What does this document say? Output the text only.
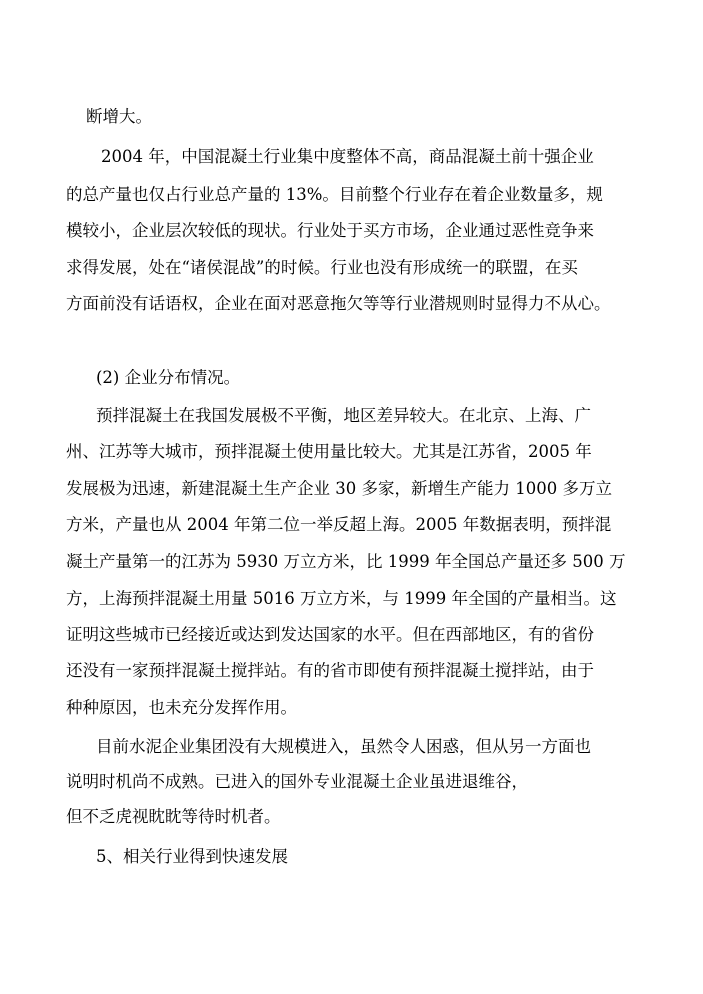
断增大。
2004 年，中国混凝土行业集中度整体不高，商品混凝土前十强企业
的总产量也仅占行业总产量的 13%。目前整个行业存在着企业数量多，规
模较小，企业层次较低的现状。行业处于买方市场，企业通过恶性竞争来
求得发展，处在“诸侯混战”的时候。行业也没有形成统一的联盟，在买
方面前没有话语权，企业在面对恶意拖欠等等行业潜规则时显得力不从心。
(2) 企业分布情况。
预拌混凝土在我国发展极不平衡，地区差异较大。在北京、上海、广
州、江苏等大城市，预拌混凝土使用量比较大。尤其是江苏省，2005 年
发展极为迅速，新建混凝土生产企业 30 多家，新增生产能力 1000 多万立
方米，产量也从 2004 年第二位一举反超上海。2005 年数据表明，预拌混
凝土产量第一的江苏为 5930 万立方米，比 1999 年全国总产量还多 500 万
方，上海预拌混凝土用量 5016 万立方米，与 1999 年全国的产量相当。这
证明这些城市已经接近或达到发达国家的水平。但在西部地区，有的省份
还没有一家预拌混凝土搅拌站。有的省市即使有预拌混凝土搅拌站，由于
种种原因，也未充分发挥作用。
目前水泥企业集团没有大规模进入，虽然令人困惑，但从另一方面也
说明时机尚不成熟。已进入的国外专业混凝土企业虽进退维谷，
但不乏虎视眈眈等待时机者。
5、相关行业得到快速发展
